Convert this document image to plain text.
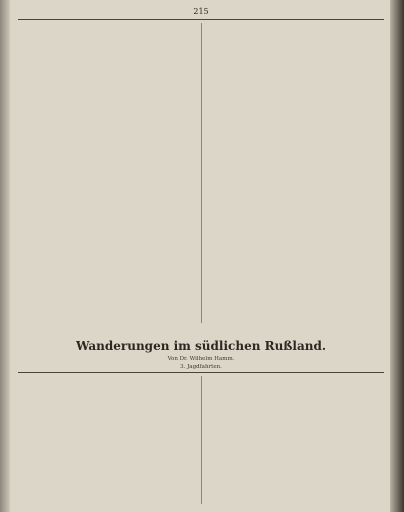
215
Wanderungen im südlichen Rußland.
Von Dr. Wilhelm Hamm.
3. Jagdfahrten.
